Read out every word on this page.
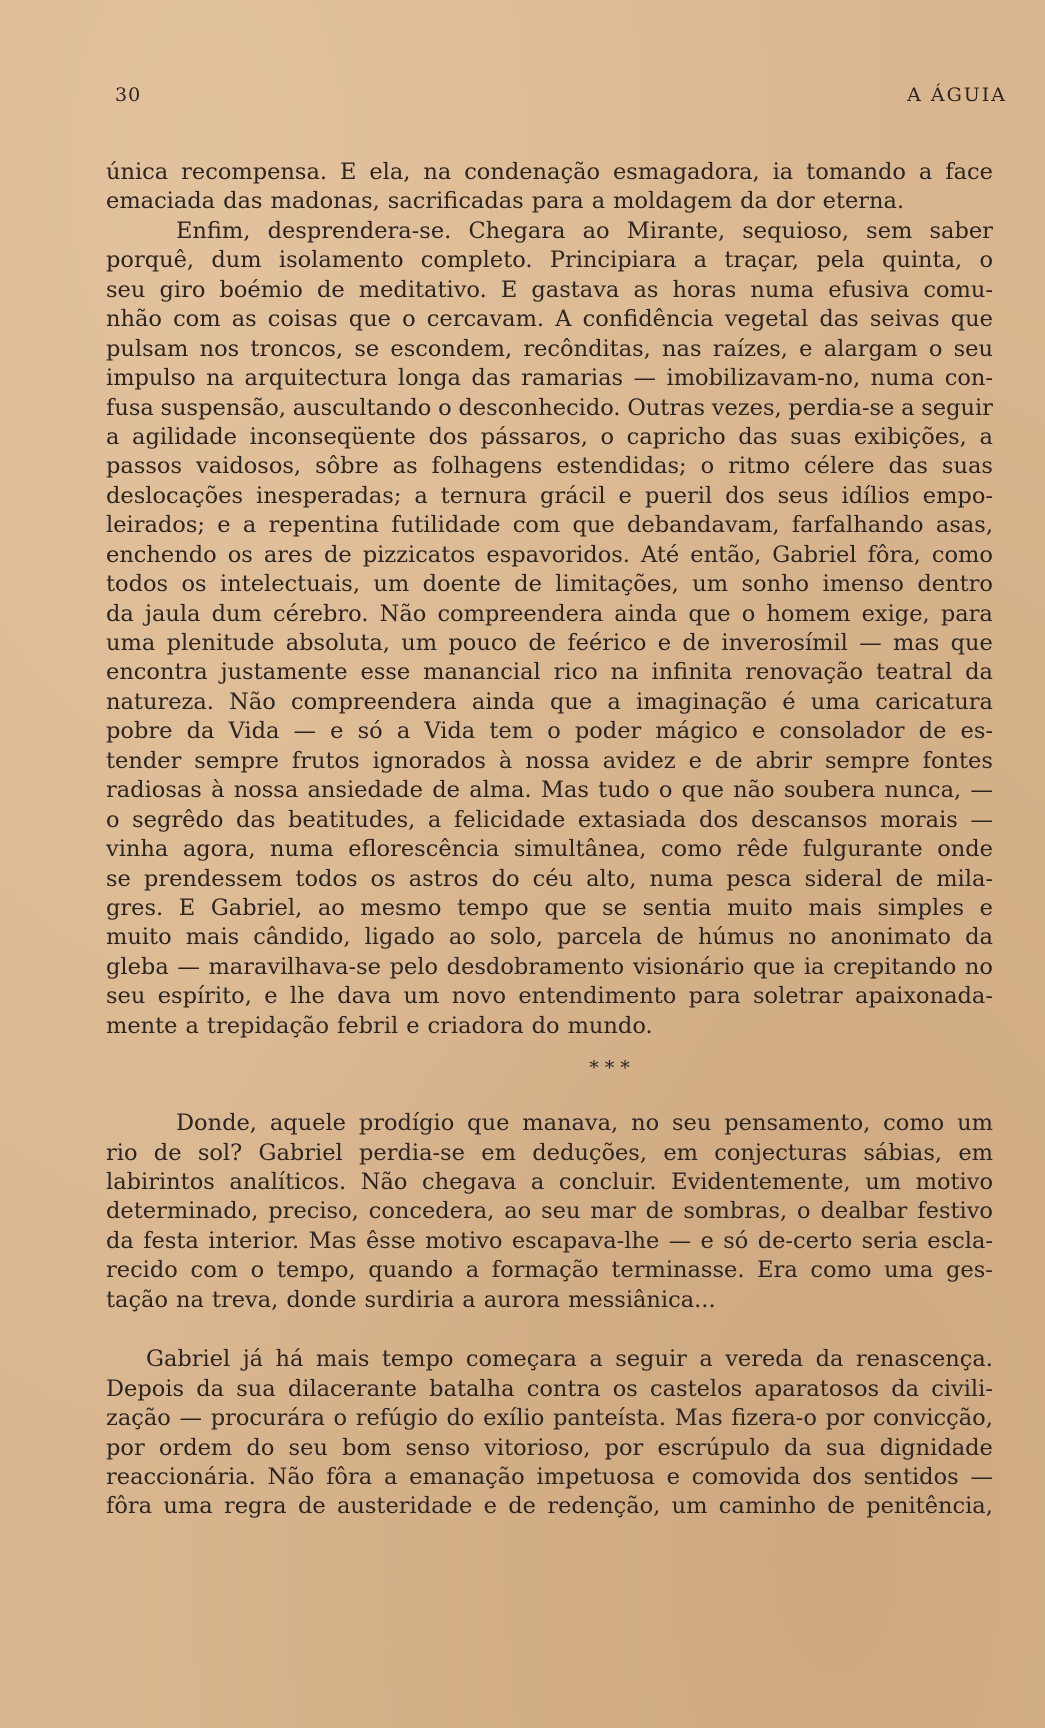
30	A ÁGUIA
única recompensa. E ela, na condenação esmagadora, ia tomando a face
emaciada das madonas, sacrificadas para a moldagem da dor eterna.
Enfim, desprendera-se. Chegara ao Mirante, sequioso, sem saber
porquê, dum isolamento completo. Principiara a traçar, pela quinta, o
seu giro boémio de meditativo. E gastava as horas numa efusiva comu-
nhão com as coisas que o cercavam. A confidência vegetal das seivas que
pulsam nos troncos, se escondem, recônditas, nas raízes, e alargam o seu
impulso na arquitectura longa das ramarias — imobilizavam-no, numa con-
fusa suspensão, auscultando o desconhecido. Outras vezes, perdia-se a seguir
a agilidade inconseqüente dos pássaros, o capricho das suas exibições, a
passos vaidosos, sôbre as folhagens estendidas; o ritmo célere das suas
deslocações inesperadas; a ternura grácil e pueril dos seus idílios empo-
leirados; e a repentina futilidade com que debandavam, farfalhando asas,
enchendo os ares de pizzicatos espavoridos. Até então, Gabriel fôra, como
todos os intelectuais, um doente de limitações, um sonho imenso dentro
da jaula dum cérebro. Não compreendera ainda que o homem exige, para
uma plenitude absoluta, um pouco de feérico e de inverosímil — mas que
encontra justamente esse manancial rico na infinita renovação teatral da
natureza. Não compreendera ainda que a imaginação é uma caricatura
pobre da Vida — e só a Vida tem o poder mágico e consolador de es-
tender sempre frutos ignorados à nossa avidez e de abrir sempre fontes
radiosas à nossa ansiedade de alma. Mas tudo o que não soubera nunca, —
o segrêdo das beatitudes, a felicidade extasiada dos descansos morais —
vinha agora, numa eflorescência simultânea, como rêde fulgurante onde
se prendessem todos os astros do céu alto, numa pesca sideral de mila-
gres. E Gabriel, ao mesmo tempo que se sentia muito mais simples e
muito mais cândido, ligado ao solo, parcela de húmus no anonimato da
gleba — maravilhava-se pelo desdobramento visionário que ia crepitando no
seu espírito, e lhe dava um novo entendimento para soletrar apaixonada-
mente a trepidação febril e criadora do mundo.
* * *
Donde, aquele prodígio que manava, no seu pensamento, como um
rio de sol? Gabriel perdia-se em deduções, em conjecturas sábias, em
labirintos analíticos. Não chegava a concluir. Evidentemente, um motivo
determinado, preciso, concedera, ao seu mar de sombras, o dealbar festivo
da festa interior. Mas êsse motivo escapava-lhe — e só de-certo seria escla-
recido com o tempo, quando a formação terminasse. Era como uma ges-
tação na treva, donde surdiria a aurora messiânica...
Gabriel já há mais tempo começara a seguir a vereda da renascença.
Depois da sua dilacerante batalha contra os castelos aparatosos da civili-
zação — procurára o refúgio do exílio panteísta. Mas fizera-o por convicção,
por ordem do seu bom senso vitorioso, por escrúpulo da sua dignidade
reaccionária. Não fôra a emanação impetuosa e comovida dos sentidos —
fôra uma regra de austeridade e de redenção, um caminho de penitência,
